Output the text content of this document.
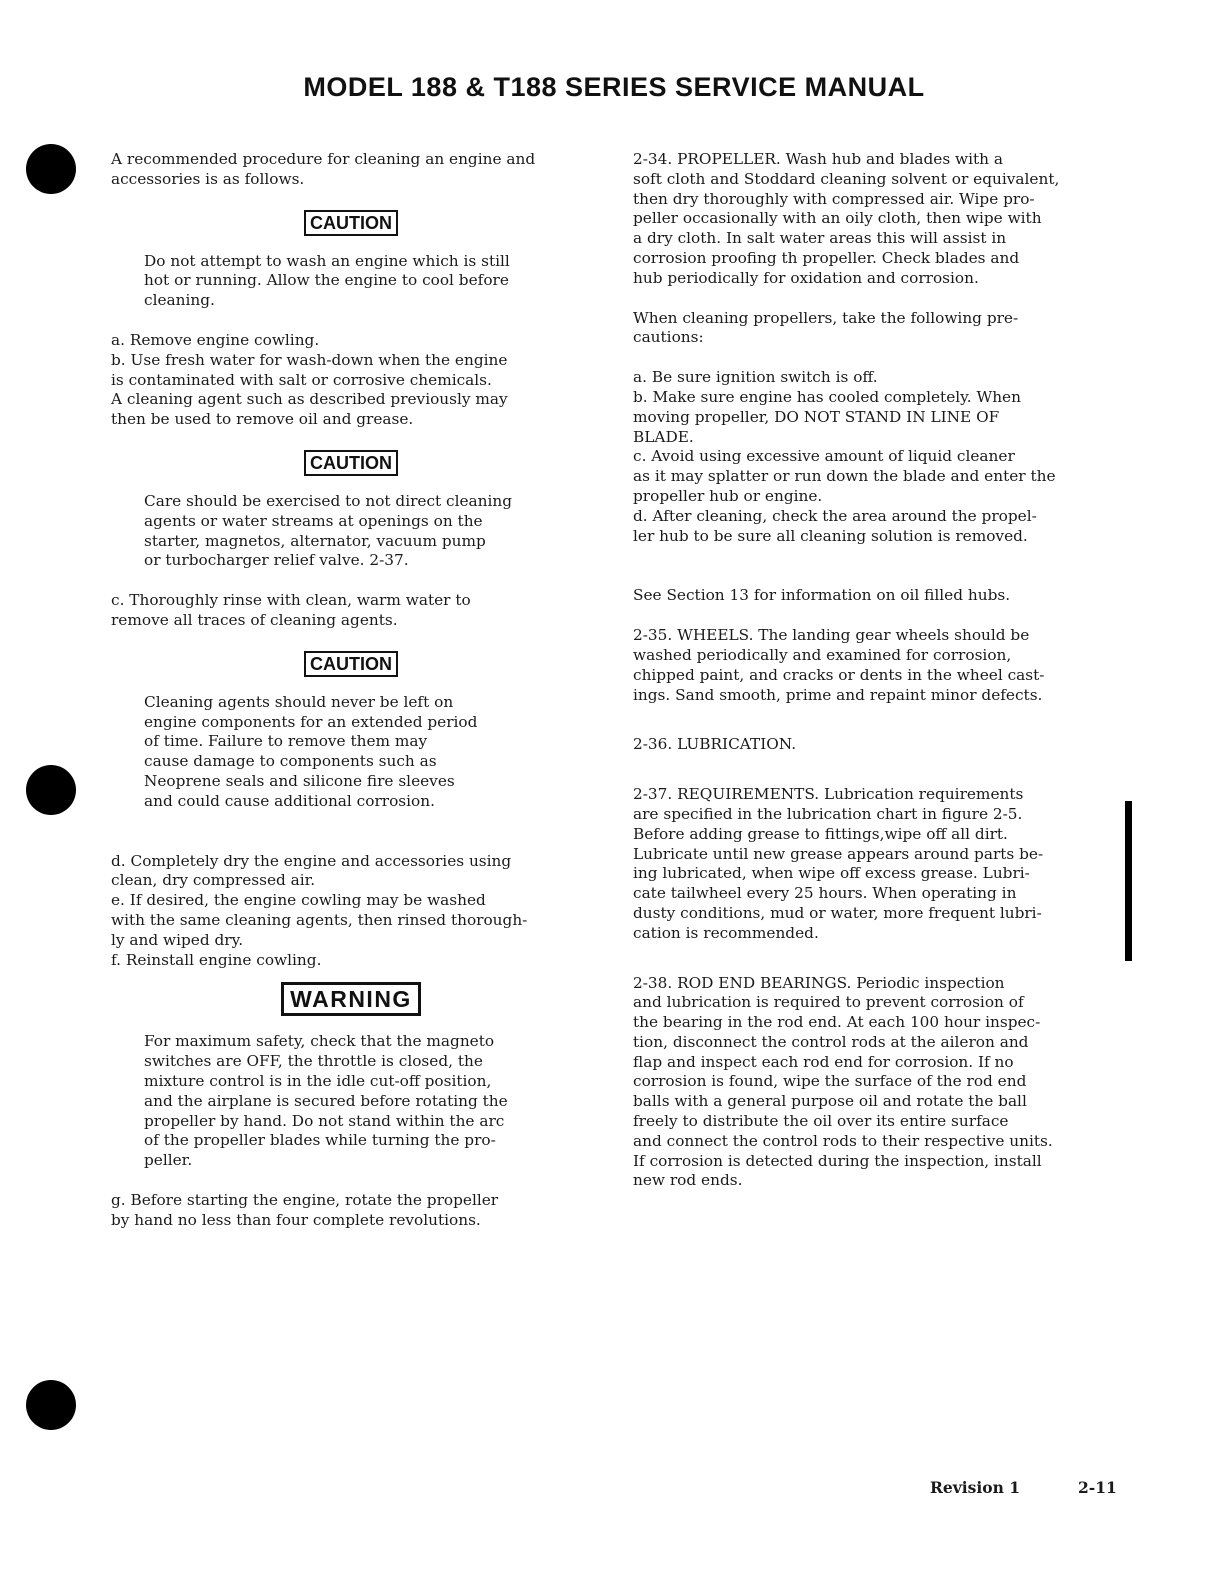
MODEL 188 & T188 SERIES SERVICE MANUAL
A recommended procedure for cleaning an engine and
accessories is as follows.
CAUTION
Do not attempt to wash an engine which is still
hot or running. Allow the engine to cool before
cleaning.
a. Remove engine cowling.
b. Use fresh water for wash-down when the engine
is contaminated with salt or corrosive chemicals.
A cleaning agent such as described previously may
then be used to remove oil and grease.
CAUTION
Care should be exercised to not direct cleaning
agents or water streams at openings on the
starter, magnetos, alternator, vacuum pump
or turbocharger relief valve. 2-37.
c. Thoroughly rinse with clean, warm water to
remove all traces of cleaning agents.
CAUTION
Cleaning agents should never be left on
engine components for an extended period
of time. Failure to remove them may
cause damage to components such as
Neoprene seals and silicone fire sleeves
and could cause additional corrosion.
d. Completely dry the engine and accessories using
clean, dry compressed air.
e. If desired, the engine cowling may be washed
with the same cleaning agents, then rinsed thorough-
ly and wiped dry.
f. Reinstall engine cowling.
WARNING
For maximum safety, check that the magneto
switches are OFF, the throttle is closed, the
mixture control is in the idle cut-off position,
and the airplane is secured before rotating the
propeller by hand. Do not stand within the arc
of the propeller blades while turning the pro-
peller.
g. Before starting the engine, rotate the propeller
by hand no less than four complete revolutions.
2-34. PROPELLER. Wash hub and blades with a
soft cloth and Stoddard cleaning solvent or equivalent,
then dry thoroughly with compressed air. Wipe pro-
peller occasionally with an oily cloth, then wipe with
a dry cloth. In salt water areas this will assist in
corrosion proofing th propeller. Check blades and
hub periodically for oxidation and corrosion.
When cleaning propellers, take the following pre-
cautions:
a. Be sure ignition switch is off.
b. Make sure engine has cooled completely. When
moving propeller, DO NOT STAND IN LINE OF
BLADE.
c. Avoid using excessive amount of liquid cleaner
as it may splatter or run down the blade and enter the
propeller hub or engine.
d. After cleaning, check the area around the propel-
ler hub to be sure all cleaning solution is removed.
See Section 13 for information on oil filled hubs.
2-35. WHEELS. The landing gear wheels should be
washed periodically and examined for corrosion,
chipped paint, and cracks or dents in the wheel cast-
ings. Sand smooth, prime and repaint minor defects.
2-36. LUBRICATION.
2-37. REQUIREMENTS. Lubrication requirements
are specified in the lubrication chart in figure 2-5.
Before adding grease to fittings,wipe off all dirt.
Lubricate until new grease appears around parts be-
ing lubricated, when wipe off excess grease. Lubri-
cate tailwheel every 25 hours. When operating in
dusty conditions, mud or water, more frequent lubri-
cation is recommended.
2-38. ROD END BEARINGS. Periodic inspection
and lubrication is required to prevent corrosion of
the bearing in the rod end. At each 100 hour inspec-
tion, disconnect the control rods at the aileron and
flap and inspect each rod end for corrosion. If no
corrosion is found, wipe the surface of the rod end
balls with a general purpose oil and rotate the ball
freely to distribute the oil over its entire surface
and connect the control rods to their respective units.
If corrosion is detected during the inspection, install
new rod ends.
Revision 1	2-11
